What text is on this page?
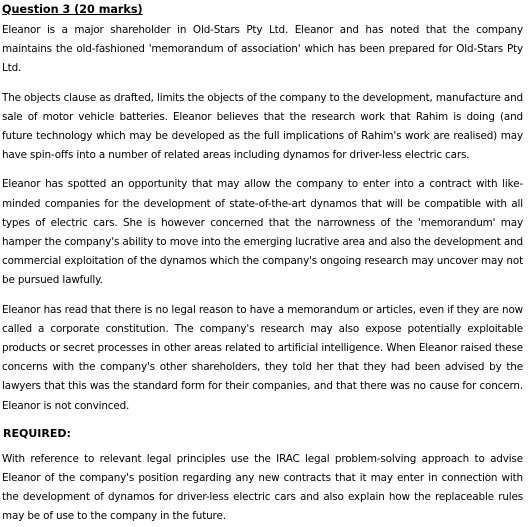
Question 3 (20 marks)

Eleanor is a major shareholder in Old-Stars Pty Ltd. Eleanor and has noted that the company maintains the old-fashioned 'memorandum of association' which has been prepared for Old-Stars Pty Ltd.

The objects clause as drafted, limits the objects of the company to the development, manufacture and sale of motor vehicle batteries. Eleanor believes that the research work that Rahim is doing (and future technology which may be developed as the full implications of Rahim's work are realised) may have spin-offs into a number of related areas including dynamos for driver-less electric cars.

Eleanor has spotted an opportunity that may allow the company to enter into a contract with like-minded companies for the development of state-of-the-art dynamos that will be compatible with all types of electric cars. She is however concerned that the narrowness of the 'memorandum' may hamper the company's ability to move into the emerging lucrative area and also the development and commercial exploitation of the dynamos which the company's ongoing research may uncover may not be pursued lawfully.

Eleanor has read that there is no legal reason to have a memorandum or articles, even if they are now called a corporate constitution. The company's research may also expose potentially exploitable products or secret processes in other areas related to artificial intelligence. When Eleanor raised these concerns with the company's other shareholders, they told her that they had been advised by the lawyers that this was the standard form for their companies, and that there was no cause for concern. Eleanor is not convinced.

REQUIRED:

With reference to relevant legal principles use the IRAC legal problem-solving approach to advise Eleanor of the company's position regarding any new contracts that it may enter in connection with the development of dynamos for driver-less electric cars and also explain how the replaceable rules may be of use to the company in the future.
